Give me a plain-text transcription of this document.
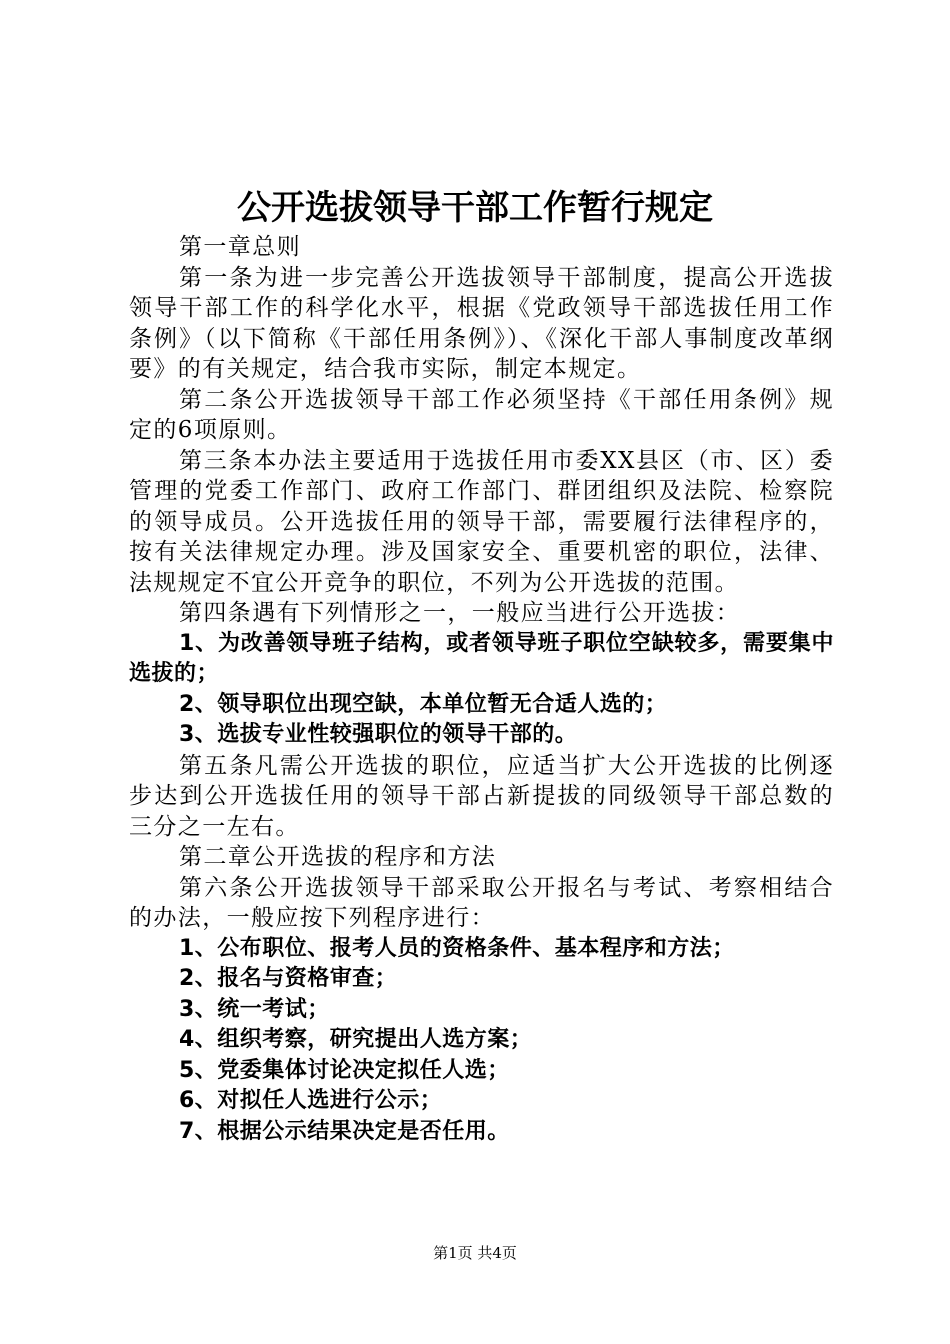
公开选拔领导干部工作暂行规定

第一章总则

第一条为进一步完善公开选拔领导干部制度，提高公开选拔领导干部工作的科学化水平，根据《党政领导干部选拔任用工作条例》（以下简称《干部任用条例》）、《深化干部人事制度改革纲要》的有关规定，结合我市实际，制定本规定。

第二条公开选拔领导干部工作必须坚持《干部任用条例》规定的6项原则。

第三条本办法主要适用于选拔任用市委XX县区（市、区）委管理的党委工作部门、政府工作部门、群团组织及法院、检察院的领导成员。公开选拔任用的领导干部，需要履行法律程序的，按有关法律规定办理。涉及国家安全、重要机密的职位，法律、法规规定不宜公开竞争的职位，不列为公开选拔的范围。

第四条遇有下列情形之一，一般应当进行公开选拔：

1、为改善领导班子结构，或者领导班子职位空缺较多，需要集中选拔的；

2、领导职位出现空缺，本单位暂无合适人选的；

3、选拔专业性较强职位的领导干部的。

第五条凡需公开选拔的职位，应适当扩大公开选拔的比例逐步达到公开选拔任用的领导干部占新提拔的同级领导干部总数的三分之一左右。

第二章公开选拔的程序和方法

第六条公开选拔领导干部采取公开报名与考试、考察相结合的办法，一般应按下列程序进行：

1、公布职位、报考人员的资格条件、基本程序和方法；

2、报名与资格审查；

3、统一考试；

4、组织考察，研究提出人选方案；

5、党委集体讨论决定拟任人选；

6、对拟任人选进行公示；

7、根据公示结果决定是否任用。

第1页 共4页
